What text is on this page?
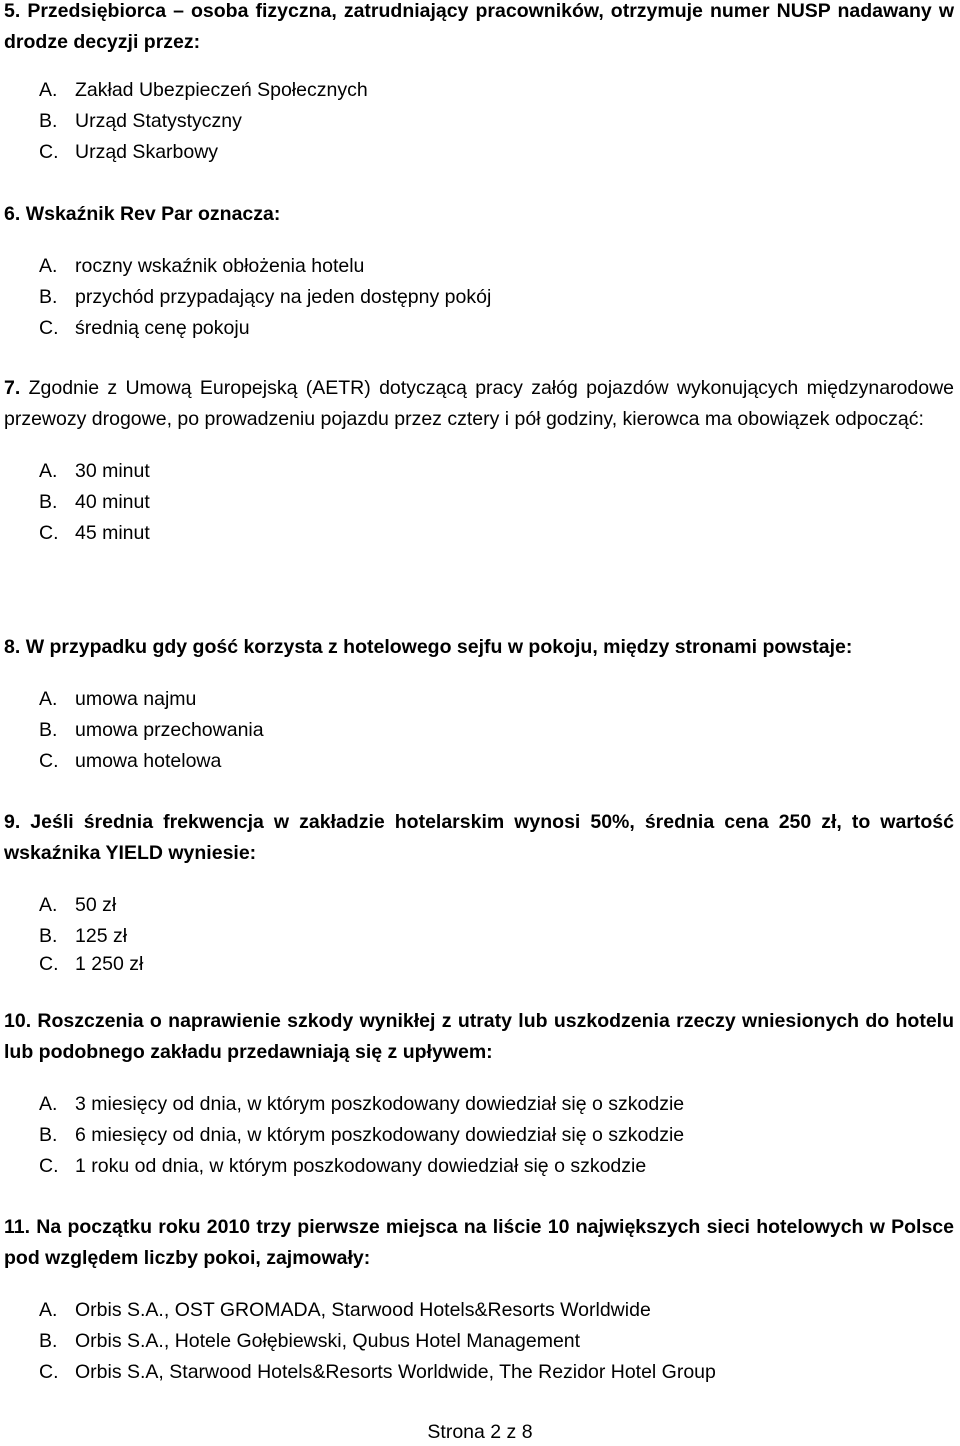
5. Przedsiębiorca – osoba fizyczna, zatrudniający pracowników, otrzymuje numer NUSP nadawany w drodze decyzji przez:
A. Zakład Ubezpieczeń Społecznych
B. Urząd Statystyczny
C. Urząd Skarbowy
6. Wskaźnik Rev Par oznacza:
A. roczny wskaźnik obłożenia hotelu
B. przychód przypadający na jeden dostępny pokój
C. średnią cenę pokoju
7. Zgodnie z Umową Europejską (AETR) dotyczącą pracy załóg pojazdów wykonujących międzynarodowe przewozy drogowe, po prowadzeniu pojazdu przez cztery i pół godziny, kierowca ma obowiązek odpocząć:
A. 30 minut
B. 40 minut
C. 45 minut
8. W przypadku gdy gość korzysta z hotelowego sejfu w pokoju, między stronami powstaje:
A. umowa najmu
B. umowa przechowania
C. umowa hotelowa
9. Jeśli średnia frekwencja w zakładzie hotelarskim wynosi 50%, średnia cena 250 zł, to wartość wskaźnika YIELD wyniesie:
A. 50 zł
B. 125 zł
C. 1 250 zł
10. Roszczenia o naprawienie szkody wynikłej z utraty lub uszkodzenia rzeczy wniesionych do hotelu lub podobnego zakładu przedawniają się z upływem:
A. 3 miesięcy od dnia, w którym poszkodowany dowiedział się o szkodzie
B. 6 miesięcy od dnia, w którym poszkodowany dowiedział się o szkodzie
C. 1 roku od dnia, w którym poszkodowany dowiedział się o szkodzie
11. Na początku roku 2010 trzy pierwsze miejsca na liście 10 największych sieci hotelowych w Polsce pod względem liczby pokoi, zajmowały:
A. Orbis S.A., OST GROMADA, Starwood Hotels&Resorts Worldwide
B. Orbis S.A., Hotele Gołębiewski, Qubus Hotel Management
C. Orbis S.A, Starwood Hotels&Resorts Worldwide, The Rezidor Hotel Group
Strona 2 z 8
